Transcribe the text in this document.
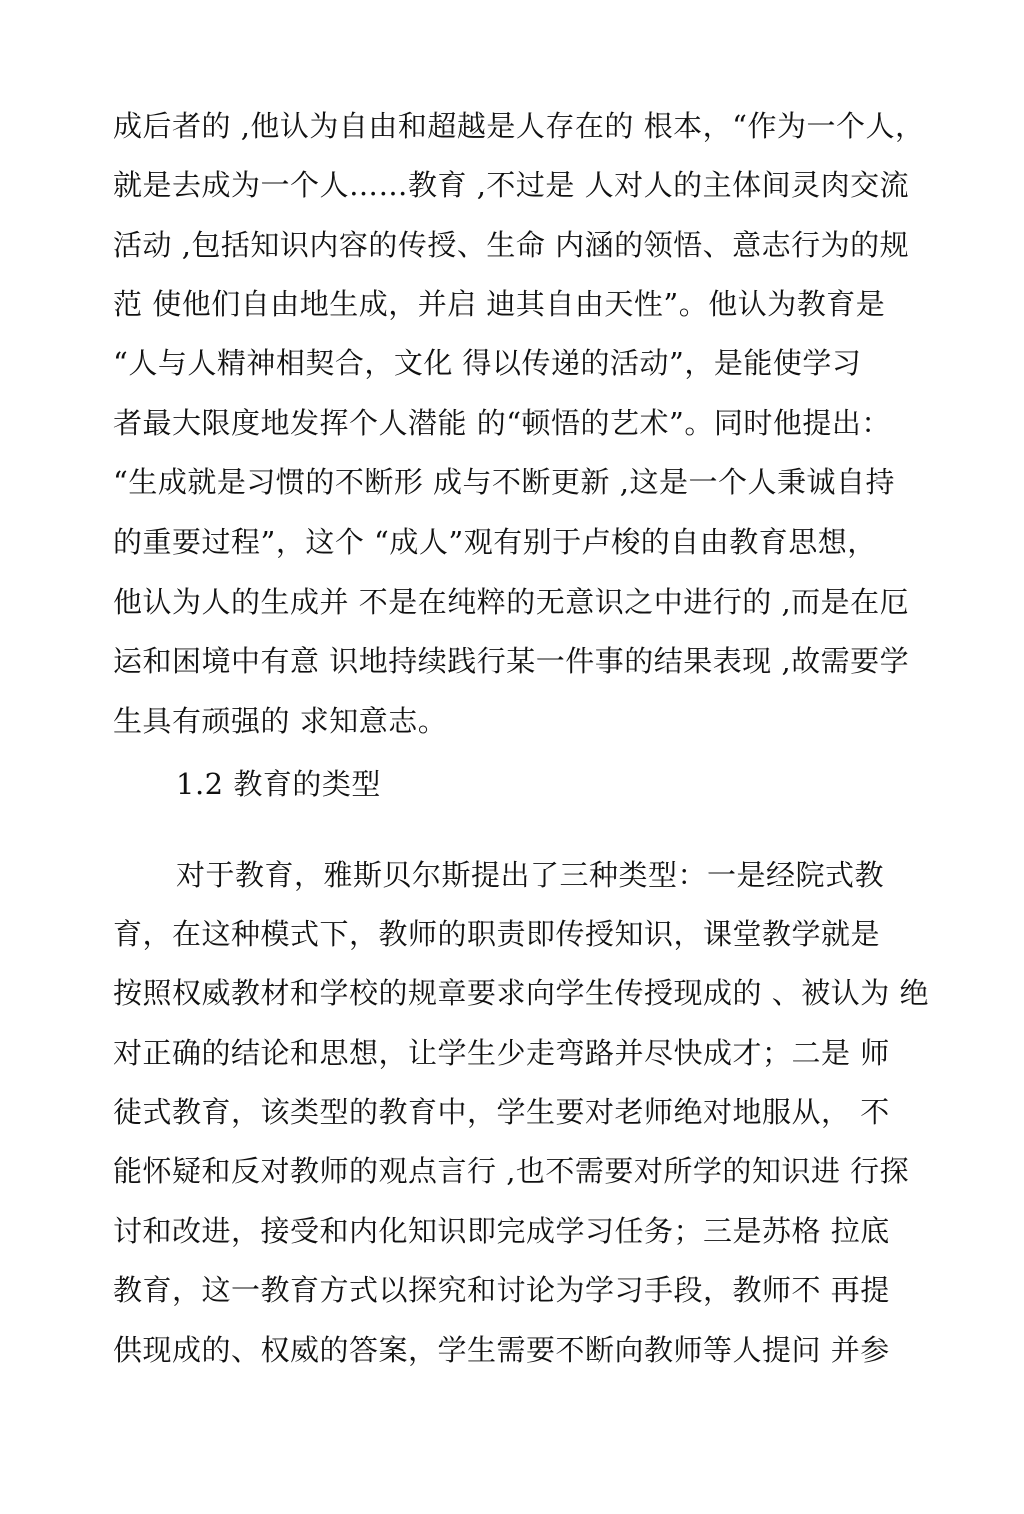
成后者的 ,他认为自由和超越是人存在的 根本，“作为一个人，
就是去成为一个人……教育 ,不过是 人对人的主体间灵肉交流
活动 ,包括知识内容的传授、生命 内涵的领悟、意志行为的规
范 使他们自由地生成，并启 迪其自由天性”。他认为教育是
“人与人精神相契合，文化 得以传递的活动”，是能使学习
者最大限度地发挥个人潜能 的“顿悟的艺术”。同时他提出：
“生成就是习惯的不断形 成与不断更新 ,这是一个人秉诚自持
的重要过程”，这个 “成人”观有别于卢梭的自由教育思想，
他认为人的生成并 不是在纯粹的无意识之中进行的 ,而是在厄
运和困境中有意 识地持续践行某一件事的结果表现 ,故需要学
生具有顽强的 求知意志。
1.2 教育的类型
对于教育，雅斯贝尔斯提出了三种类型：一是经院式教
育，在这种模式下，教师的职责即传授知识，课堂教学就是
按照权威教材和学校的规章要求向学生传授现成的 、被认为 绝
对正确的结论和思想，让学生少走弯路并尽快成才；二是 师
徒式教育，该类型的教育中，学生要对老师绝对地服从， 不
能怀疑和反对教师的观点言行 ,也不需要对所学的知识进 行探
讨和改进，接受和内化知识即完成学习任务；三是苏格 拉底
教育，这一教育方式以探究和讨论为学习手段，教师不 再提
供现成的、权威的答案，学生需要不断向教师等人提问 并参
